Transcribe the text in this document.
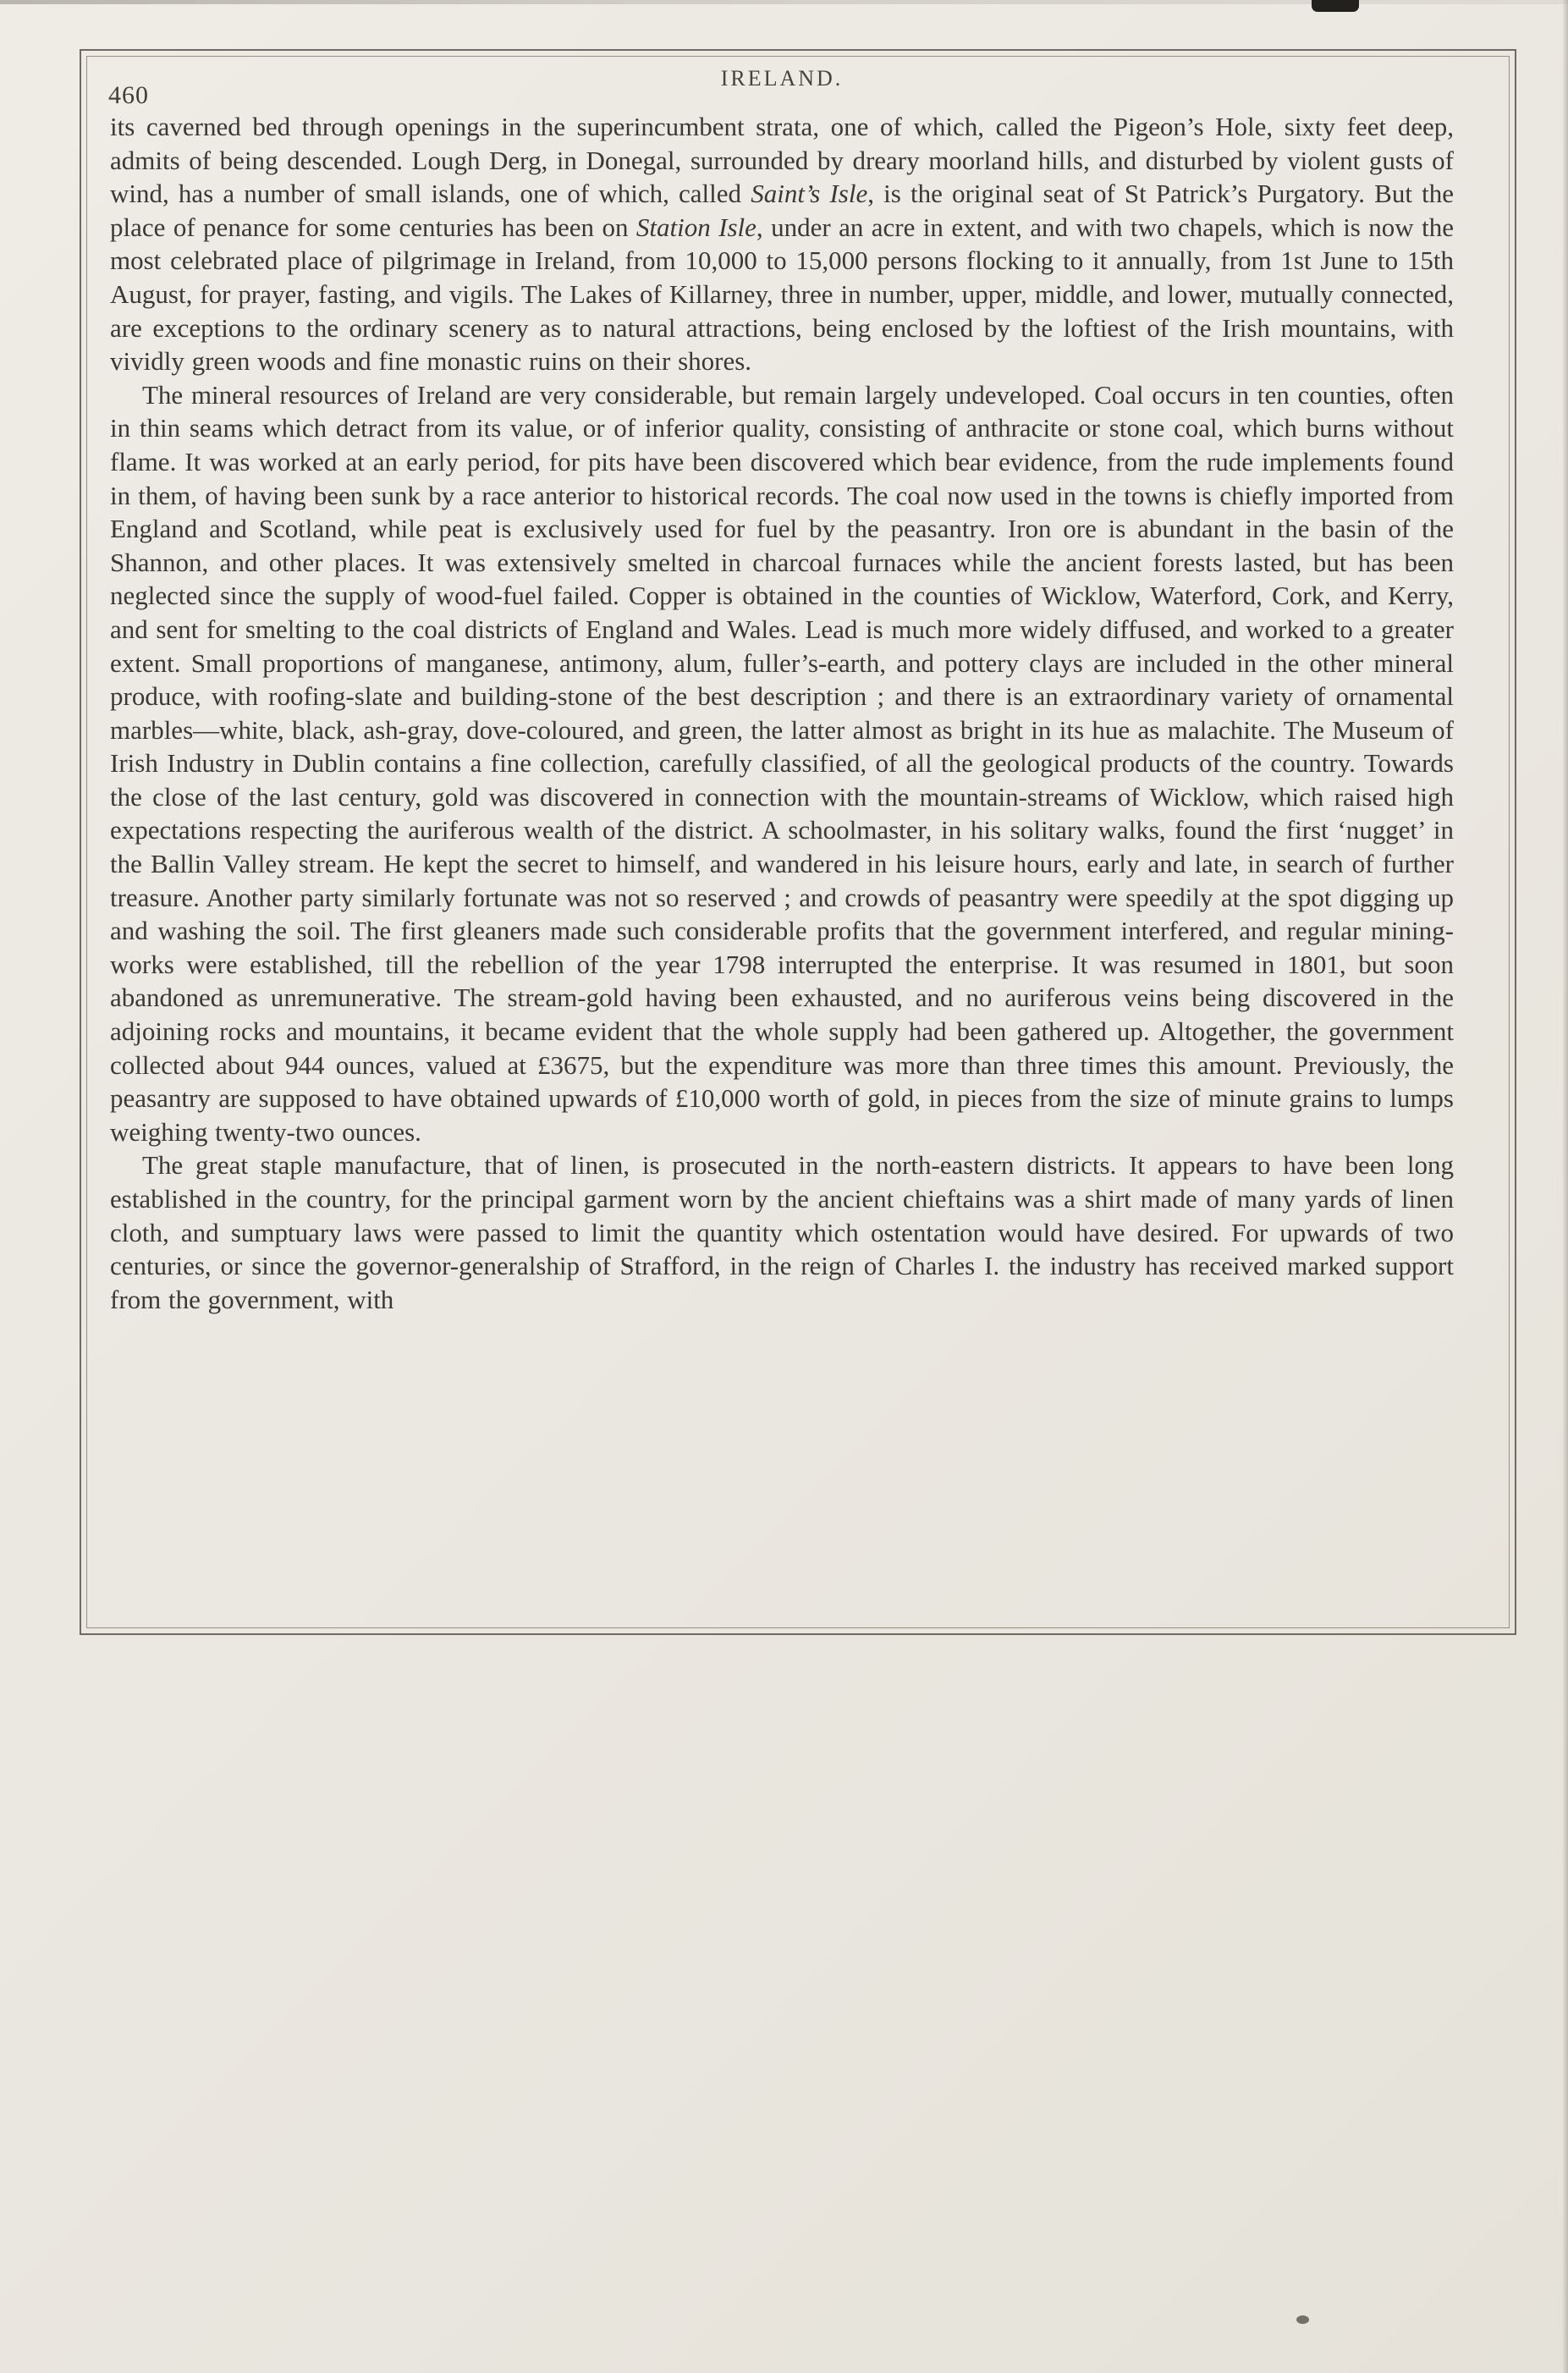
460
IRELAND.

its caverned bed through openings in the superincumbent strata, one of which, called the Pigeon’s Hole, sixty feet deep, admits of being descended. Lough Derg, in Donegal, surrounded by dreary moorland hills, and disturbed by violent gusts of wind, has a number of small islands, one of which, called Saint’s Isle, is the original seat of St Patrick’s Purgatory. But the place of penance for some centuries has been on Station Isle, under an acre in extent, and with two chapels, which is now the most celebrated place of pilgrimage in Ireland, from 10,000 to 15,000 persons flocking to it annually, from 1st June to 15th August, for prayer, fasting, and vigils. The Lakes of Killarney, three in number, upper, middle, and lower, mutually connected, are exceptions to the ordinary scenery as to natural attractions, being enclosed by the loftiest of the Irish mountains, with vividly green woods and fine monastic ruins on their shores.

The mineral resources of Ireland are very considerable, but remain largely undeveloped. Coal occurs in ten counties, often in thin seams which detract from its value, or of inferior quality, consisting of anthracite or stone coal, which burns without flame. It was worked at an early period, for pits have been discovered which bear evidence, from the rude implements found in them, of having been sunk by a race anterior to historical records. The coal now used in the towns is chiefly imported from England and Scotland, while peat is exclusively used for fuel by the peasantry. Iron ore is abundant in the basin of the Shannon, and other places. It was extensively smelted in charcoal furnaces while the ancient forests lasted, but has been neglected since the supply of wood-fuel failed. Copper is obtained in the counties of Wicklow, Waterford, Cork, and Kerry, and sent for smelting to the coal districts of England and Wales. Lead is much more widely diffused, and worked to a greater extent. Small proportions of manganese, antimony, alum, fuller’s-earth, and pottery clays are included in the other mineral produce, with roofing-slate and building-stone of the best description ; and there is an extraordinary variety of ornamental marbles—white, black, ash-gray, dove-coloured, and green, the latter almost as bright in its hue as malachite. The Museum of Irish Industry in Dublin contains a fine collection, carefully classified, of all the geological products of the country. Towards the close of the last century, gold was discovered in connection with the mountain-streams of Wicklow, which raised high expectations respecting the auriferous wealth of the district. A schoolmaster, in his solitary walks, found the first ‘nugget’ in the Ballin Valley stream. He kept the secret to himself, and wandered in his leisure hours, early and late, in search of further treasure. Another party similarly fortunate was not so reserved ; and crowds of peasantry were speedily at the spot digging up and washing the soil. The first gleaners made such considerable profits that the government interfered, and regular mining-works were established, till the rebellion of the year 1798 interrupted the enterprise. It was resumed in 1801, but soon abandoned as unremunerative. The stream-gold having been exhausted, and no auriferous veins being discovered in the adjoining rocks and mountains, it became evident that the whole supply had been gathered up. Altogether, the government collected about 944 ounces, valued at £3675, but the expenditure was more than three times this amount. Previously, the peasantry are supposed to have obtained upwards of £10,000 worth of gold, in pieces from the size of minute grains to lumps weighing twenty-two ounces.

The great staple manufacture, that of linen, is prosecuted in the north-eastern districts. It appears to have been long established in the country, for the principal garment worn by the ancient chieftains was a shirt made of many yards of linen cloth, and sumptuary laws were passed to limit the quantity which ostentation would have desired. For upwards of two centuries, or since the governor-generalship of Strafford, in the reign of Charles I. the industry has received marked support from the government, with
